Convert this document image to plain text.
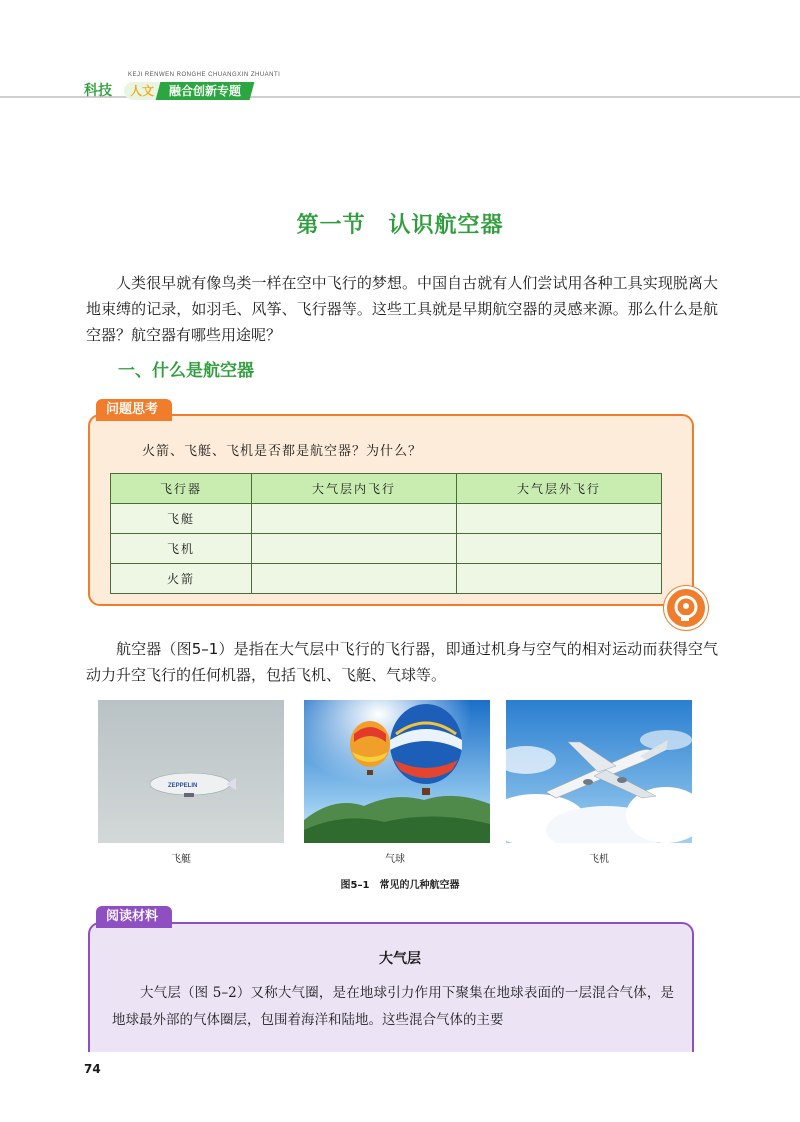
KEJI RENWEN RONGHE CHUANGXIN ZHUANTI
科技	人文	融合创新专题
第一节　认识航空器

人类很早就有像鸟类一样在空中飞行的梦想。中国自古就有人们尝试用各种工具实现脱离大地束缚的记录，如羽毛、风筝、飞行器等。这些工具就是早期航空器的灵感来源。那么什么是航空器？航空器有哪些用途呢？

一、什么是航空器
问题思考
火箭、飞艇、飞机是否都是航空器？为什么？
飞行器	大气层内飞行	大气层外飞行
飞艇		
飞机		
火箭		

航空器（图5–1）是指在大气层中飞行的飞行器，即通过机身与空气的相对运动而获得空气动力升空飞行的任何机器，包括飞机、飞艇、气球等。

ZEPPELIN
飞艇	气球	飞机
图5–1　常见的几种航空器
阅读材料
大气层

大气层（图 5–2）又称大气圈，是在地球引力作用下聚集在地球表面的一层混合气体，是地球最外部的气体圈层，包围着海洋和陆地。这些混合气体的主要

74
